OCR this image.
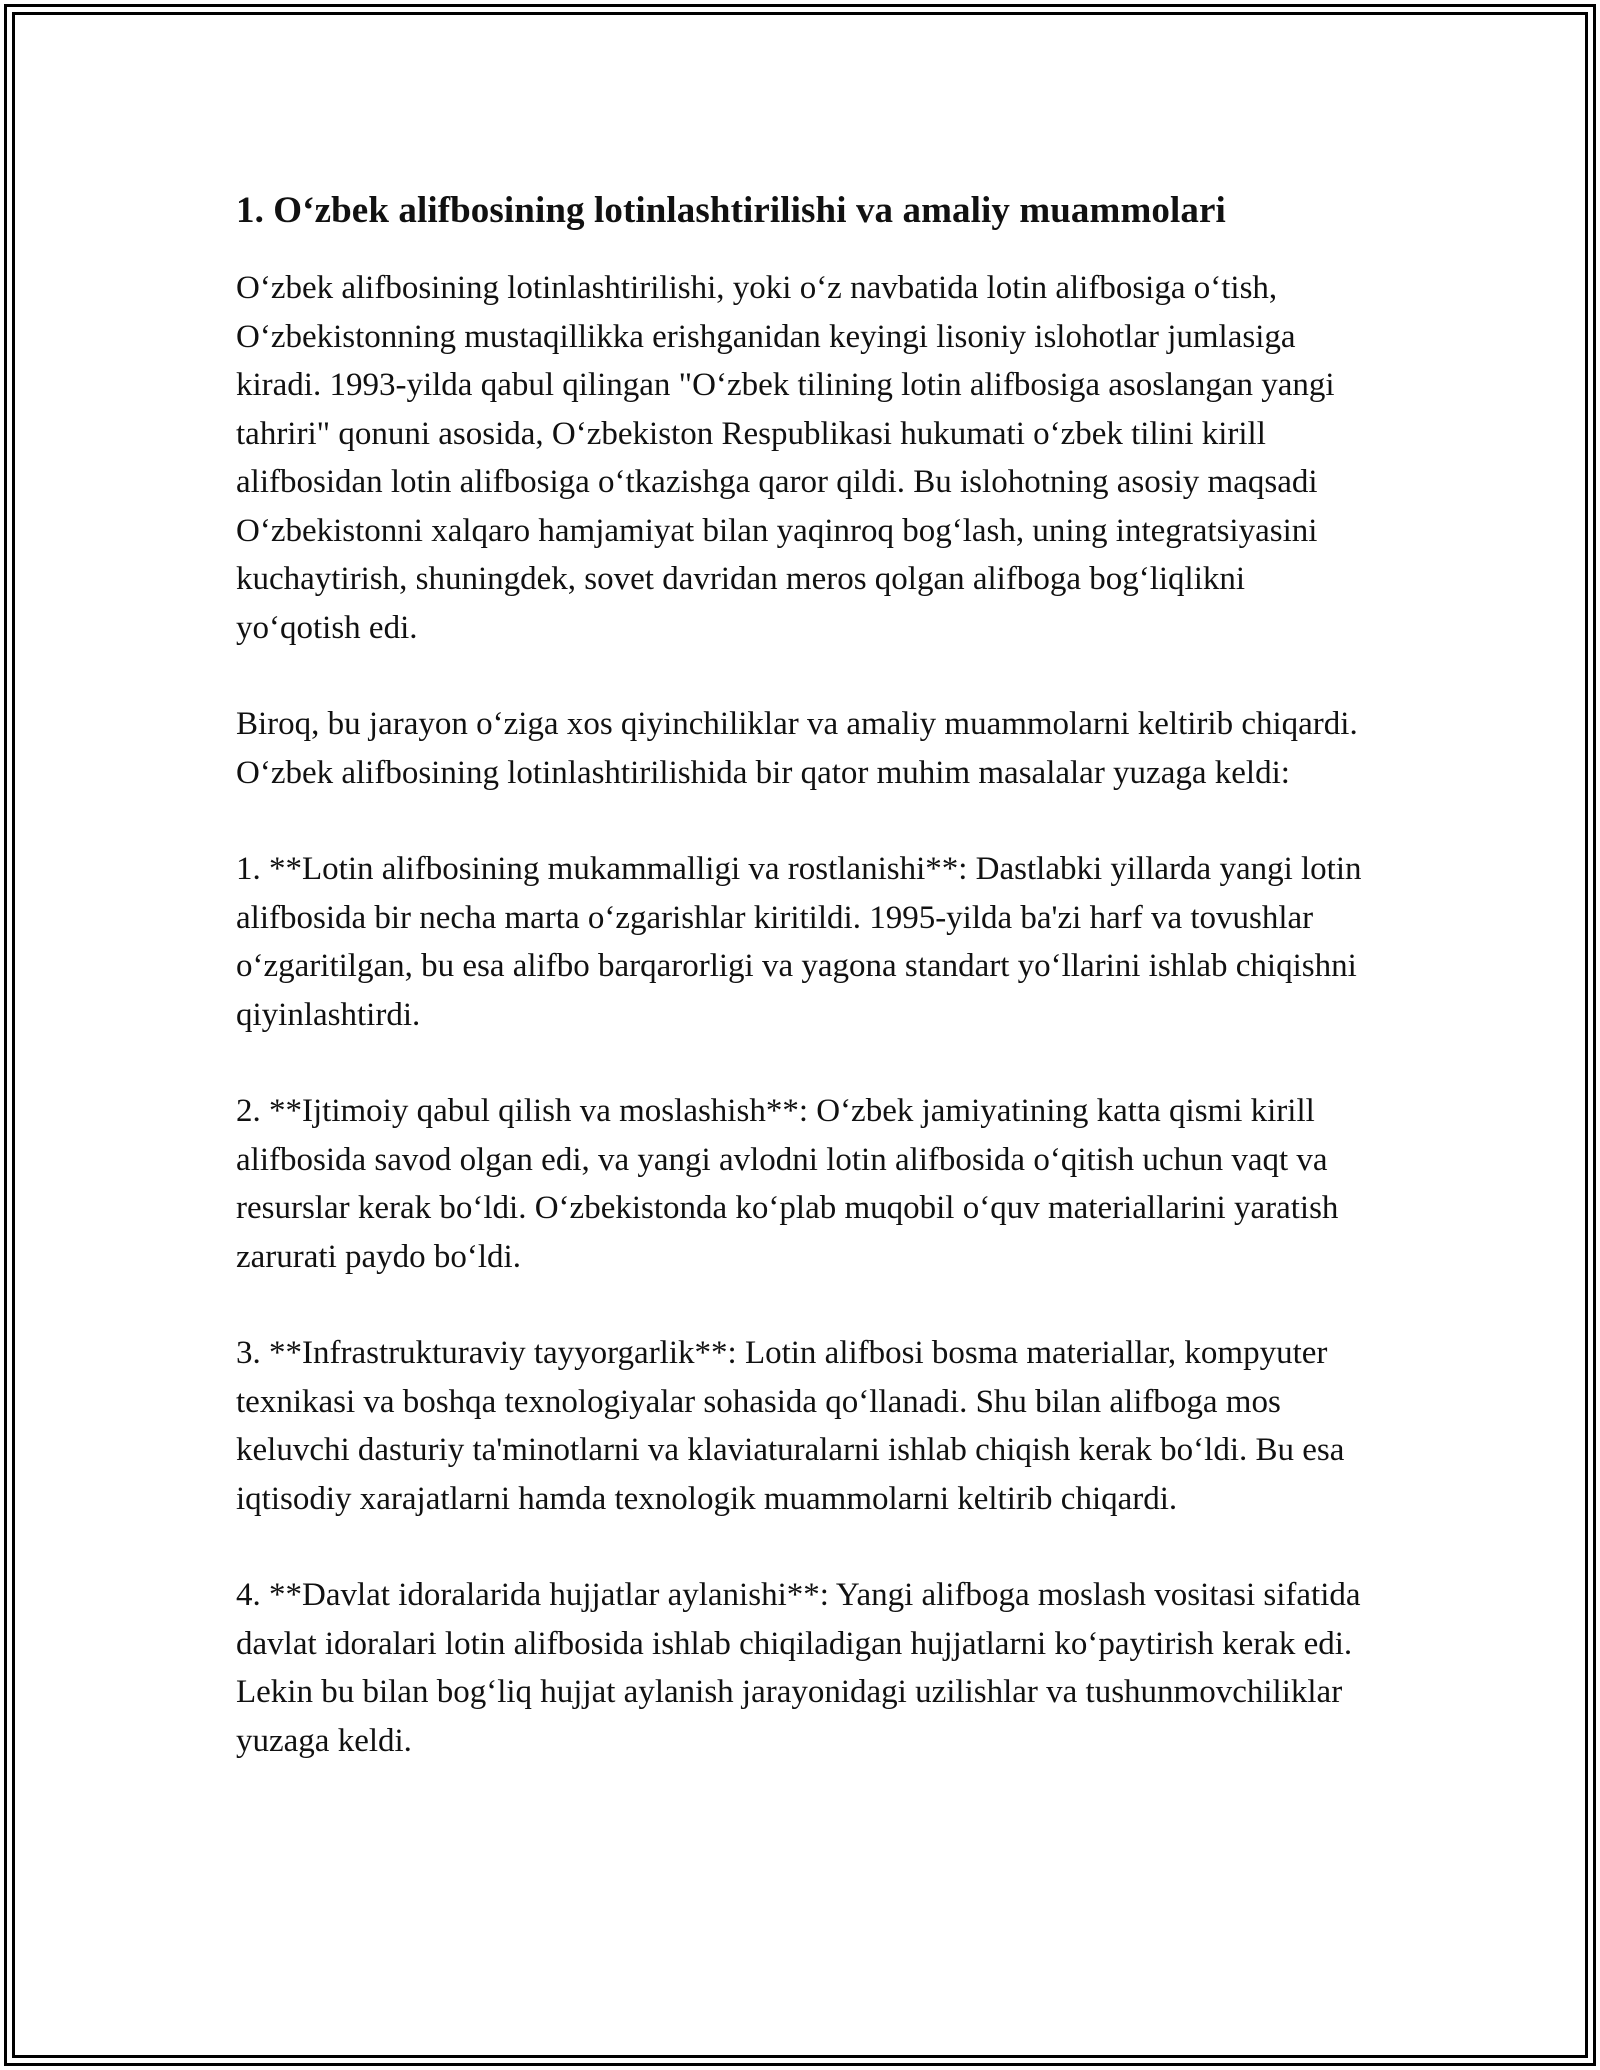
1. O‘zbek alifbosining lotinlashtirilishi va amaliy muammolari

O‘zbek alifbosining lotinlashtirilishi, yoki o‘z navbatida lotin alifbosiga o‘tish, O‘zbekistonning mustaqillikka erishganidan keyingi lisoniy islohotlar jumlasiga kiradi. 1993-yilda qabul qilingan "O‘zbek tilining lotin alifbosiga asoslangan yangi tahriri" qonuni asosida, O‘zbekiston Respublikasi hukumati o‘zbek tilini kirill alifbosidan lotin alifbosiga o‘tkazishga qaror qildi. Bu islohotning asosiy maqsadi O‘zbekistonni xalqaro hamjamiyat bilan yaqinroq bog‘lash, uning integratsiyasini kuchaytirish, shuningdek, sovet davridan meros qolgan alifboga bog‘liqlikni yo‘qotish edi.

Biroq, bu jarayon o‘ziga xos qiyinchiliklar va amaliy muammolarni keltirib chiqardi. O‘zbek alifbosining lotinlashtirilishida bir qator muhim masalalar yuzaga keldi:

1. **Lotin alifbosining mukammalligi va rostlanishi**: Dastlabki yillarda yangi lotin alifbosida bir necha marta o‘zgarishlar kiritildi. 1995-yilda ba'zi harf va tovushlar o‘zgaritilgan, bu esa alifbo barqarorligi va yagona standart yo‘llarini ishlab chiqishni qiyinlashtirdi.

2. **Ijtimoiy qabul qilish va moslashish**: O‘zbek jamiyatining katta qismi kirill alifbosida savod olgan edi, va yangi avlodni lotin alifbosida o‘qitish uchun vaqt va resurslar kerak bo‘ldi. O‘zbekistonda ko‘plab muqobil o‘quv materiallarini yaratish zarurati paydo bo‘ldi.

3. **Infrastrukturaviy tayyorgarlik**: Lotin alifbosi bosma materiallar, kompyuter texnikasi va boshqa texnologiyalar sohasida qo‘llanadi. Shu bilan alifboga mos keluvchi dasturiy ta'minotlarni va klaviaturalarni ishlab chiqish kerak bo‘ldi. Bu esa iqtisodiy xarajatlarni hamda texnologik muammolarni keltirib chiqardi.

4. **Davlat idoralarida hujjatlar aylanishi**: Yangi alifboga moslash vositasi sifatida davlat idoralari lotin alifbosida ishlab chiqiladigan hujjatlarni ko‘paytirish kerak edi. Lekin bu bilan bog‘liq hujjat aylanish jarayonidagi uzilishlar va tushunmovchiliklar yuzaga keldi.
